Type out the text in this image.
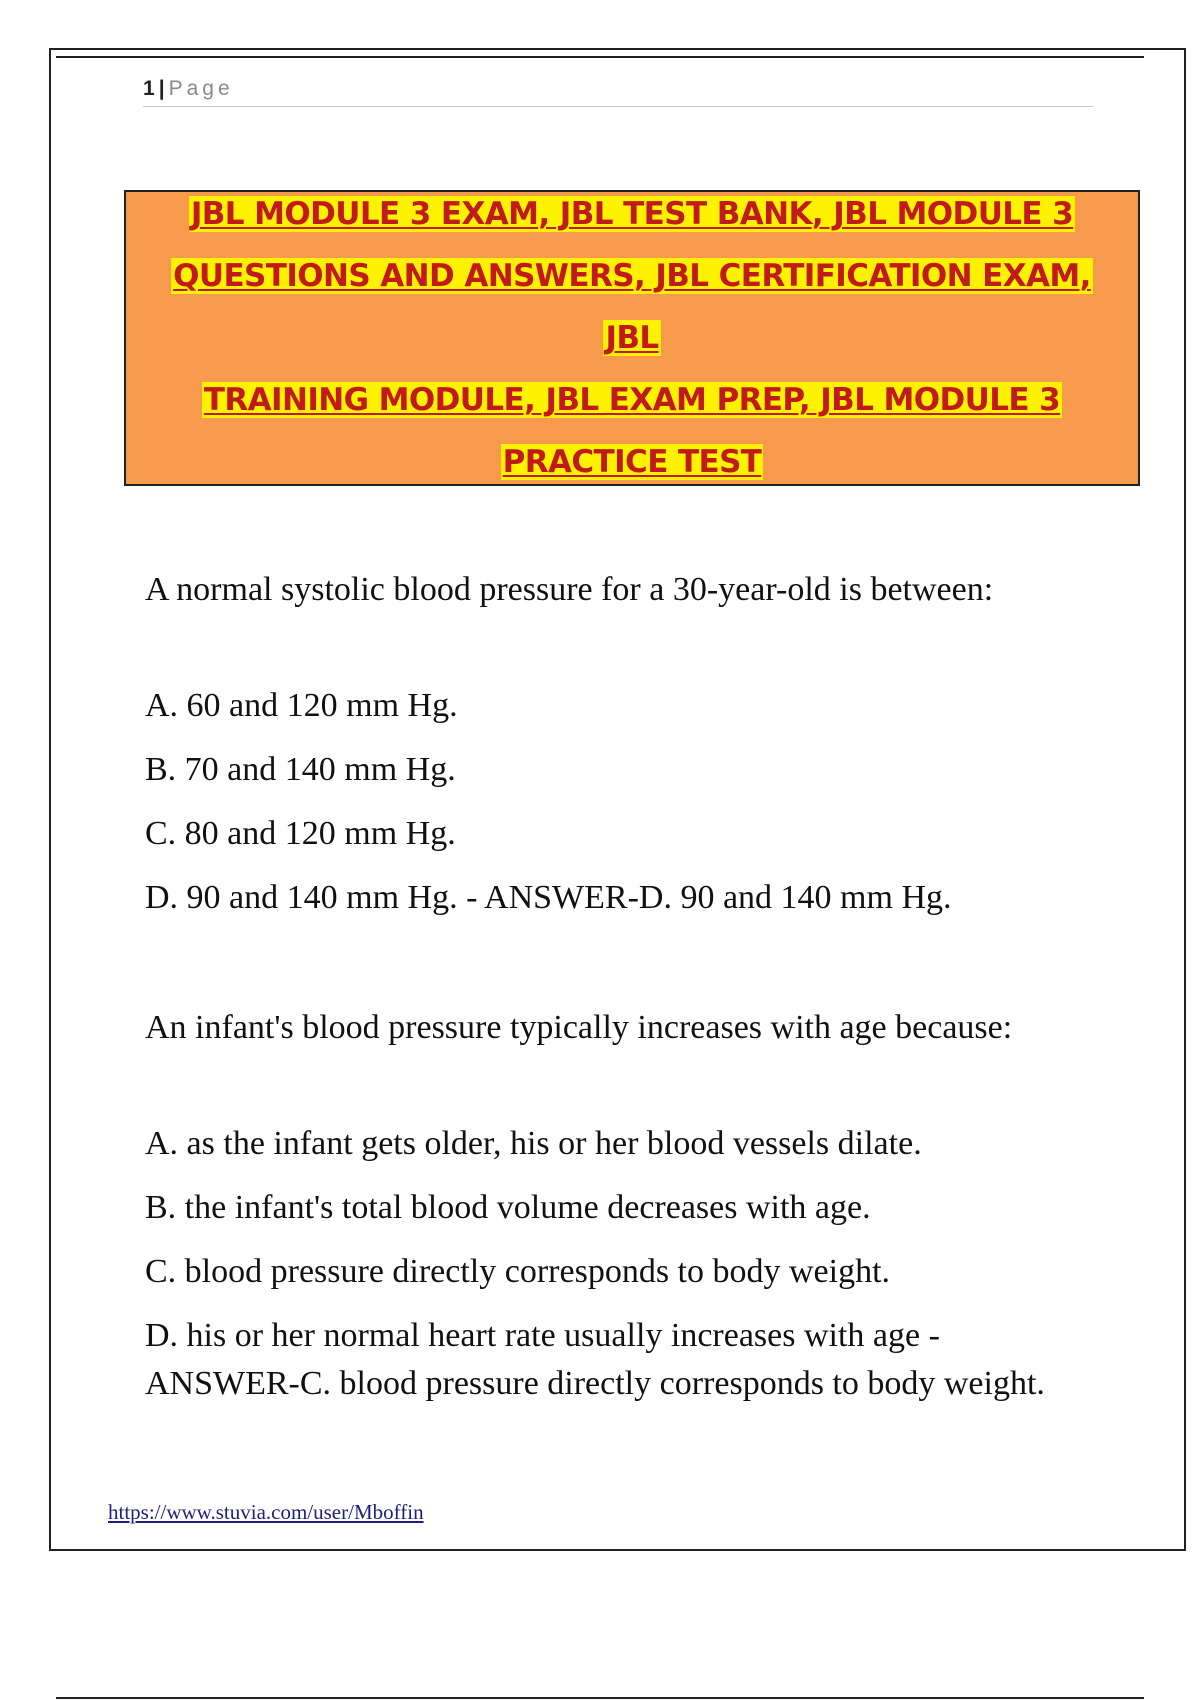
1 | Page
JBL MODULE 3 EXAM, JBL TEST BANK, JBL MODULE 3
QUESTIONS AND ANSWERS, JBL CERTIFICATION EXAM, JBL
TRAINING MODULE, JBL EXAM PREP, JBL MODULE 3
PRACTICE TEST

A normal systolic blood pressure for a 30-year-old is between:

A. 60 and 120 mm Hg.

B. 70 and 140 mm Hg.

C. 80 and 120 mm Hg.

D. 90 and 140 mm Hg. - ANSWER-D. 90 and 140 mm Hg.

An infant's blood pressure typically increases with age because:

A. as the infant gets older, his or her blood vessels dilate.

B. the infant's total blood volume decreases with age.

C. blood pressure directly corresponds to body weight.

D. his or her normal heart rate usually increases with age - ANSWER-C. blood pressure directly corresponds to body weight.

https://www.stuvia.com/user/Mboffin
